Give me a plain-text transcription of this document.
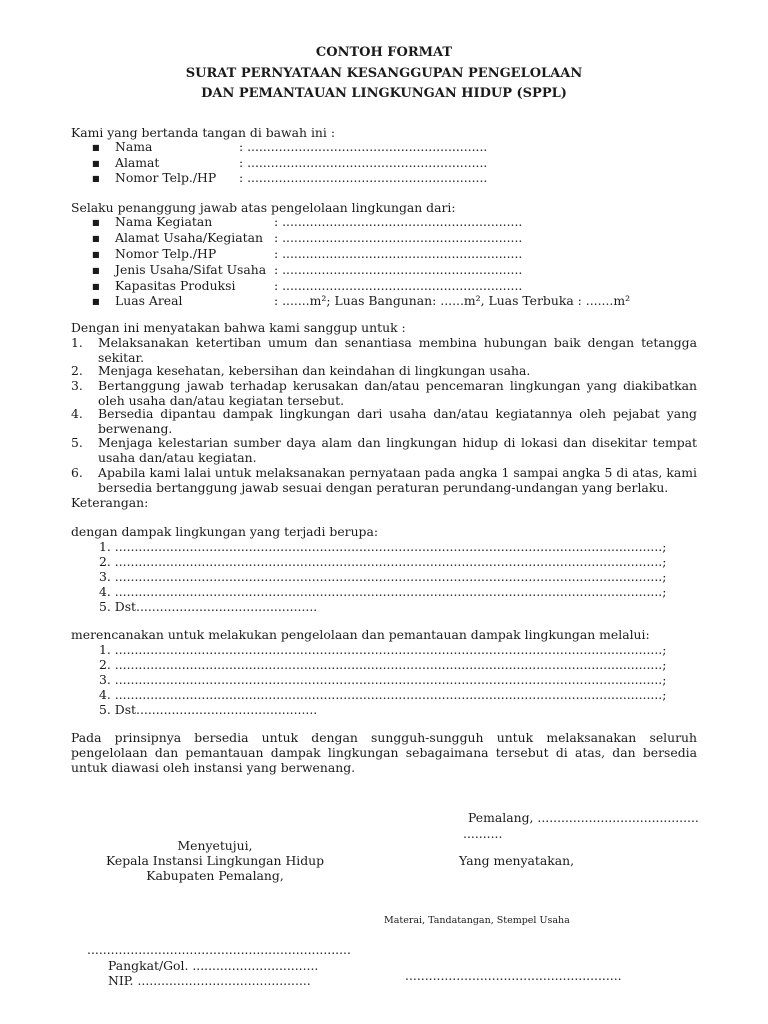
CONTOH FORMAT
SURAT PERNYATAAN KESANGGUPAN PENGELOLAAN
DAN PEMANTAUAN LINGKUNGAN HIDUP (SPPL)
Kami yang bertanda tangan di bawah ini :
■ Nama	: .............................................................
■ Alamat	: .............................................................
■ Nomor Telp./HP : .............................................................
Selaku penanggung jawab atas pengelolaan lingkungan dari:
■ Nama Kegiatan	: .............................................................
■ Alamat Usaha/Kegiatan : .............................................................
■ Nomor Telp./HP	: .............................................................
■ Jenis Usaha/Sifat Usaha : .............................................................
■ Kapasitas Produksi	: .............................................................
■ Luas Areal	: .......m²; Luas Bangunan: ......m², Luas Terbuka : .......m²
Dengan ini menyatakan bahwa kami sanggup untuk :
1. Melaksanakan ketertiban umum dan senantiasa membina hubungan baik dengan tetangga sekitar.
2. Menjaga kesehatan, kebersihan dan keindahan di lingkungan usaha.
3. Bertanggung jawab terhadap kerusakan dan/atau pencemaran lingkungan yang diakibatkan oleh usaha dan/atau kegiatan tersebut.
4. Bersedia dipantau dampak lingkungan dari usaha dan/atau kegiatannya oleh pejabat yang berwenang.
5. Menjaga kelestarian sumber daya alam dan lingkungan hidup di lokasi dan disekitar tempat usaha dan/atau kegiatan.
6. Apabila kami lalai untuk melaksanakan pernyataan pada angka 1 sampai angka 5 di atas, kami bersedia bertanggung jawab sesuai dengan peraturan perundang-undangan yang berlaku.
Keterangan:
dengan dampak lingkungan yang terjadi berupa:
1. ...........................................................................................................................................;
2. ...........................................................................................................................................;
3. ...........................................................................................................................................;
4. ...........................................................................................................................................;
5. Dst..............................................
merencanakan untuk melakukan pengelolaan dan pemantauan dampak lingkungan melalui:
1. ...........................................................................................................................................;
2. ...........................................................................................................................................;
3. ...........................................................................................................................................;
4. ...........................................................................................................................................;
5. Dst..............................................
Pada prinsipnya bersedia untuk dengan sungguh-sungguh untuk melaksanakan seluruh pengelolaan dan pemantauan dampak lingkungan sebagaimana tersebut di atas, dan bersedia untuk diawasi oleh instansi yang berwenang.
Pemalang, .........................................
..........
Menyetujui,
Kepala Instansi Lingkungan Hidup
Kabupaten Pemalang,
Yang menyatakan,
Materai, Tandatangan, Stempel Usaha
...................................................................
Pangkat/Gol. ................................
NIP. ............................................	.......................................................
